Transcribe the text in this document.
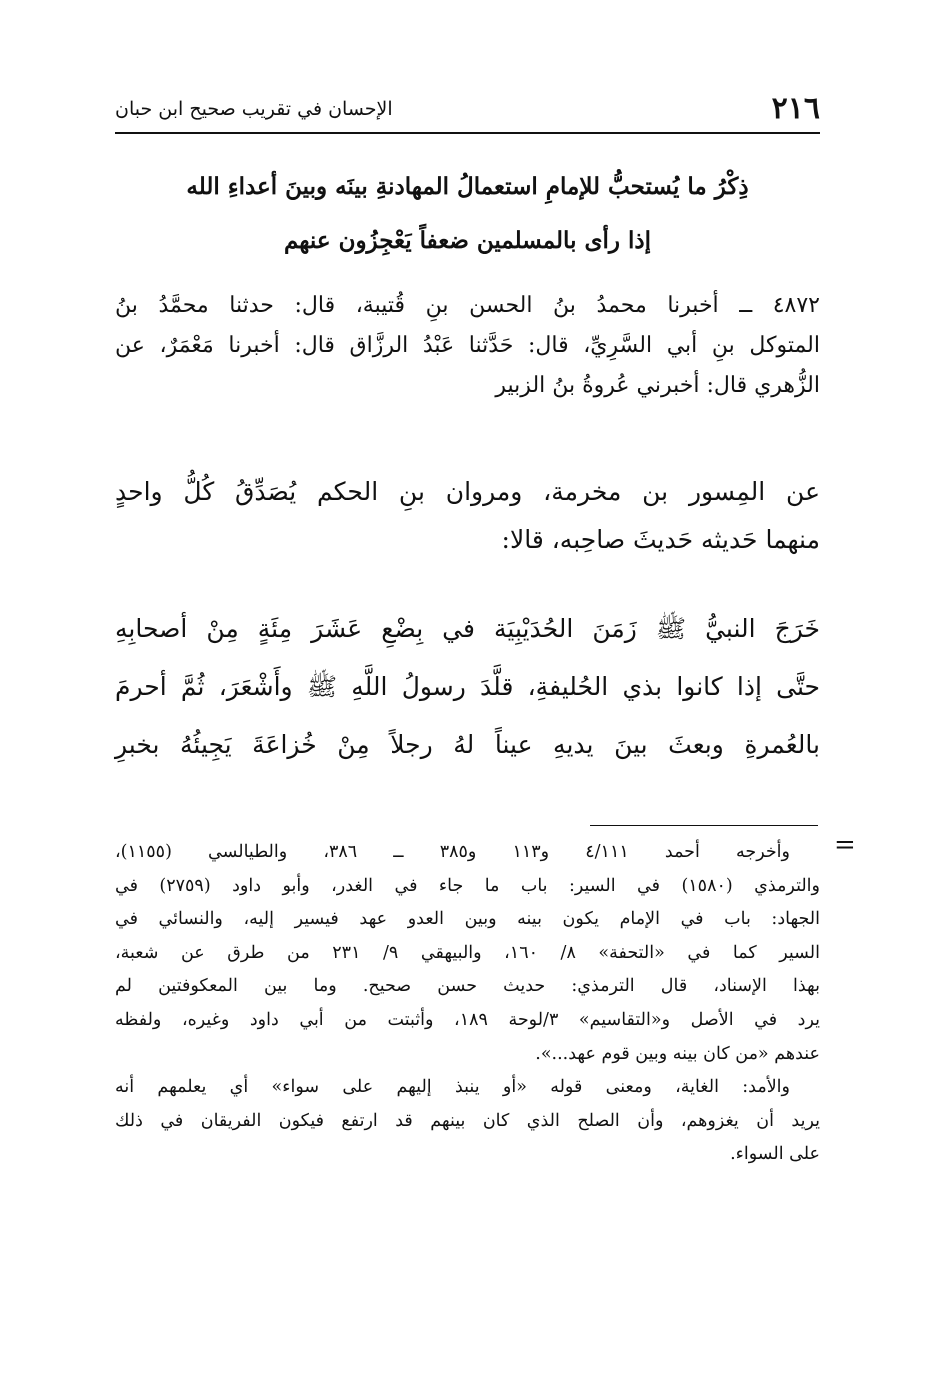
٢١٦
الإحسان في تقريب صحيح ابن حبان
ذِكْرُ ما يُستحبُّ للإمامِ استعمالُ المهادنةِ بينَه وبينَ أعداءِ الله
إذا رأى بالمسلمين ضعفاً يَعْجِزُون عنهم
٤٨٧٢ ــ أخبرنا محمدُ بنُ الحسن بنِ قُتيبة، قال: حدثنا محمَّدُ بنُ
المتوكل بنِ أبي السَّرِيِّ، قال: حَدَّثنا عَبْدُ الرزَّاق قال: أخبرنا مَعْمَرٌ، عن
الزُّهري قال: أخبرني عُروةُ بنُ الزبير
عن المِسور بن مخرمة، ومروان بنِ الحكم يُصَدِّقُ كُلُّ واحدٍ
منهما حَديثه حَديثَ صاحِبه، قالا:
خَرَجَ النبيُّ ﷺ زَمَنَ الحُدَيْبِيَة في بِضْعِ عَشَرَ مِئَةٍ مِنْ أصحابِهِ
حتَّى إذا كانوا بذي الحُليفةِ، قلَّدَ رسولُ اللَّهِ ﷺ وأَشْعَرَ، ثُمَّ أحرمَ
بالعُمرةِ وبعثَ بينَ يديهِ عيناً لهُ رجلاً مِنْ خُزاعَةَ يَجِيئُهُ بخبرِ
=
وأخرجه أحمد ٤/١١١ و١١٣ و٣٨٥ ــ ٣٨٦، والطيالسي (١١٥٥)،
والترمذي (١٥٨٠) في السير: باب ما جاء في الغدر، وأبو داود (٢٧٥٩) في
الجهاد: باب في الإمام يكون بينه وبين العدو عهد فيسير إليه، والنسائي في
السير كما في «التحفة» ٨/ ١٦٠، والبيهقي ٩/ ٢٣١ من طرق عن شعبة،
بهذا الإسناد، قال الترمذي: حديث حسن صحيح. وما بين المعكوفتين لم
يرد في الأصل و«التقاسيم» ٣/لوحة ١٨٩، وأثبتت من أبي داود وغيره، ولفظه
عندهم «من كان بينه وبين قوم عهد...».
والأمد: الغاية، ومعنى قوله «أو ينبذ إليهم على سواء» أي يعلمهم أنه
يريد أن يغزوهم، وأن الصلح الذي كان بينهم قد ارتفع فيكون الفريقان في ذلك
على السواء.
